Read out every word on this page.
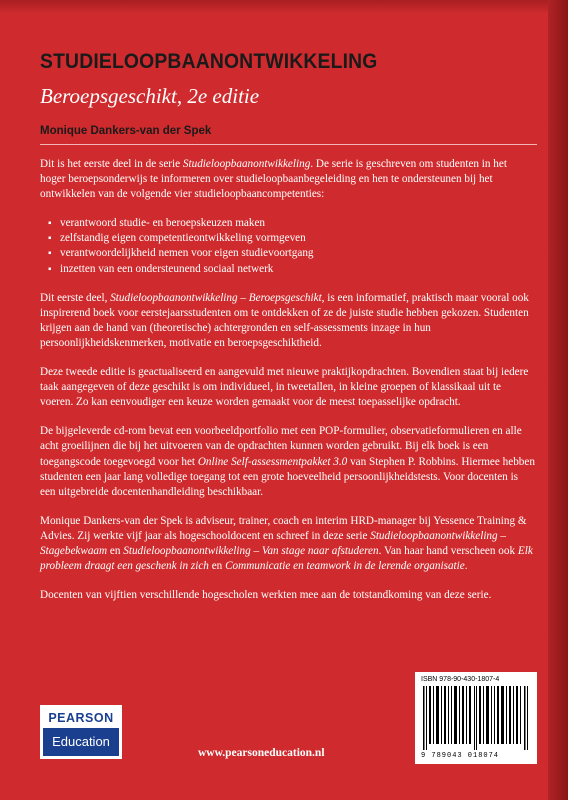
STUDIELOOPBAANONTWIKKELING
Beroepsgeschikt, 2e editie
Monique Dankers-van der Spek

Dit is het eerste deel in de serie Studieloopbaanontwikkeling. De serie is geschreven om studenten in het hoger beroepsonderwijs te informeren over studieloopbaanbegeleiding en hen te ondersteunen bij het ontwikkelen van de volgende vier studieloopbaancompetenties:

▪ verantwoord studie- en beroepskeuzen maken
▪ zelfstandig eigen competentieontwikkeling vormgeven
▪ verantwoordelijkheid nemen voor eigen studievoortgang
▪ inzetten van een ondersteunend sociaal netwerk

Dit eerste deel, Studieloopbaanontwikkeling – Beroepsgeschikt, is een informatief, praktisch maar vooral ook inspirerend boek voor eerstejaarsstudenten om te ontdekken of ze de juiste studie hebben gekozen. Studenten krijgen aan de hand van (theoretische) achtergronden en self-assessments inzage in hun persoonlijkheidskenmerken, motivatie en beroepsgeschiktheid.

Deze tweede editie is geactualiseerd en aangevuld met nieuwe praktijkopdrachten. Bovendien staat bij iedere taak aangegeven of deze geschikt is om individueel, in tweetallen, in kleine groepen of klassikaal uit te voeren. Zo kan eenvoudiger een keuze worden gemaakt voor de meest toepasselijke opdracht.

De bijgeleverde cd-rom bevat een voorbeeldportfolio met een POP-formulier, observatieformulieren en alle acht groeilijnen die bij het uitvoeren van de opdrachten kunnen worden gebruikt. Bij elk boek is een toegangscode toegevoegd voor het Online Self-assessmentpakket 3.0 van Stephen P. Robbins. Hiermee hebben studenten een jaar lang volledige toegang tot een grote hoeveelheid persoonlijkheidstests. Voor docenten is een uitgebreide docentenhandleiding beschikbaar.

Monique Dankers-van der Spek is adviseur, trainer, coach en interim HRD-manager bij Yessence Training & Advies. Zij werkte vijf jaar als hogeschooldocent en schreef in deze serie Studieloopbaanontwikkeling – Stagebekwaam en Studieloopbaanontwikkeling – Van stage naar afstuderen. Van haar hand verscheen ook Elk probleem draagt een geschenk in zich en Communicatie en teamwork in de lerende organisatie.

Docenten van vijftien verschillende hogescholen werkten mee aan de totstandkoming van deze serie.

PEARSON
Education
www.pearsoneducation.nl
ISBN 978-90-430-1807-4
9 789043 018074
